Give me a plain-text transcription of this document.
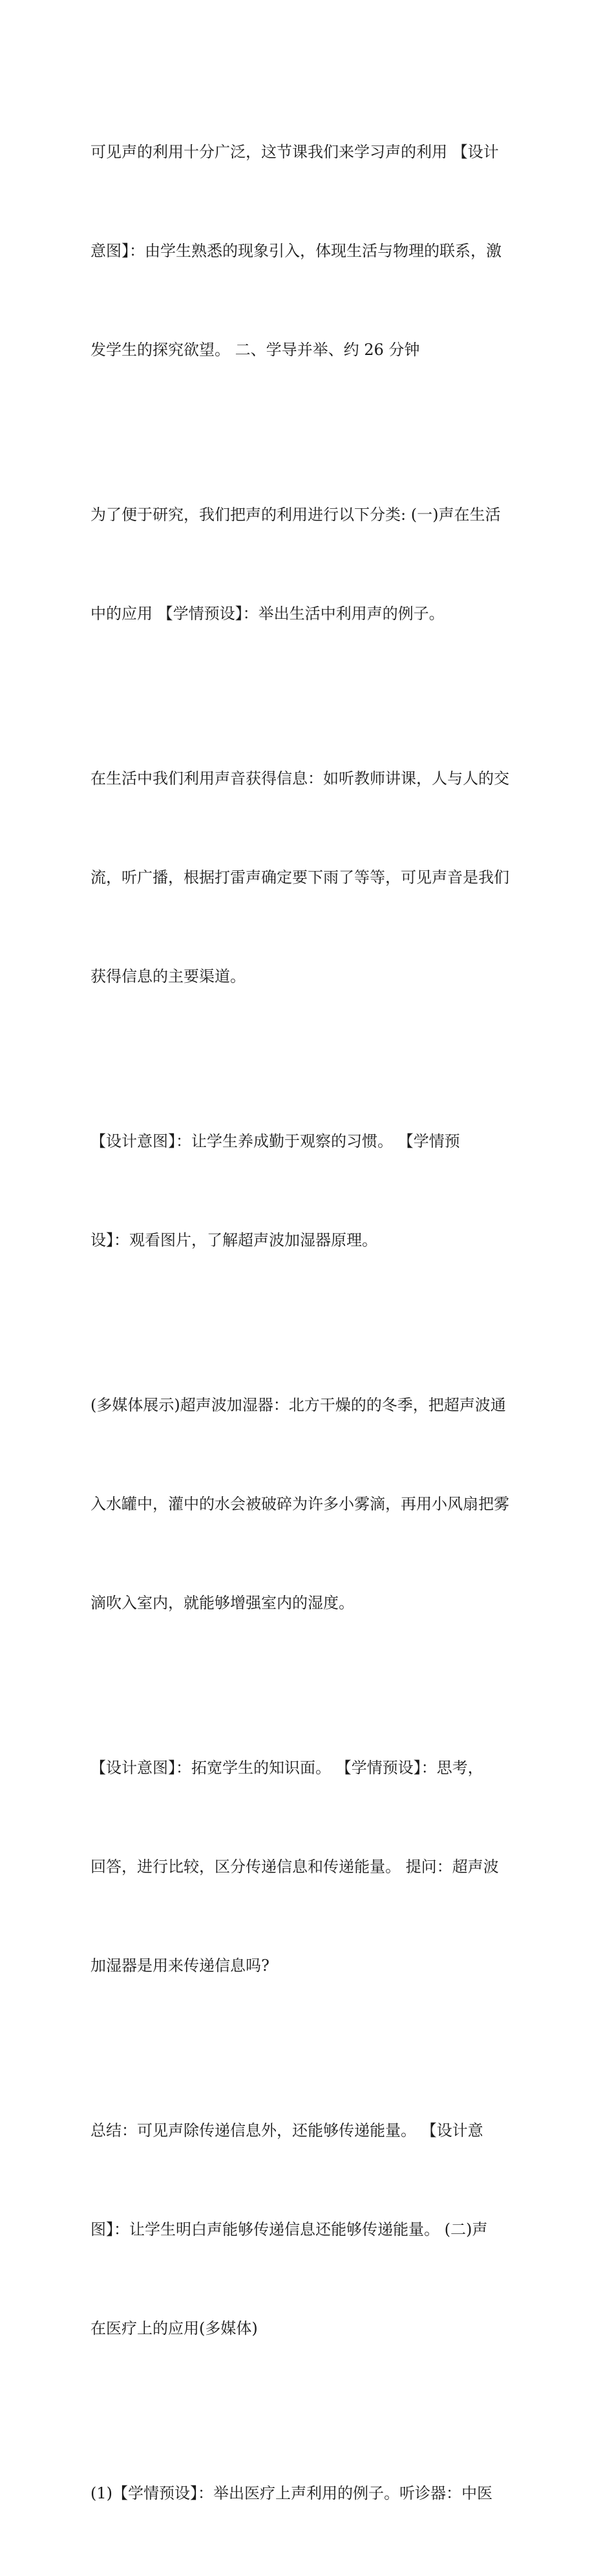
可见声的利用十分广泛，这节课我们来学习声的利用 【设计

意图】：由学生熟悉的现象引入，体现生活与物理的联系，激

发学生的探究欲望。 二、学导并举、约 26 分钟

为了便于研究，我们把声的利用进行以下分类: (一)声在生活

中的应用 【学情预设】：举出生活中利用声的例子。

在生活中我们利用声音获得信息：如听教师讲课，人与人的交

流，听广播，根据打雷声确定要下雨了等等，可见声音是我们

获得信息的主要渠道。

【设计意图】：让学生养成勤于观察的习惯。 【学情预

设】：观看图片，了解超声波加湿器原理。

(多媒体展示)超声波加湿器：北方干燥的的冬季，把超声波通

入水罐中，灌中的水会被破碎为许多小雾滴，再用小风扇把雾

滴吹入室内，就能够增强室内的湿度。

【设计意图】：拓宽学生的知识面。 【学情预设】：思考，

回答，进行比较，区分传递信息和传递能量。 提问：超声波

加湿器是用来传递信息吗?

总结：可见声除传递信息外，还能够传递能量。 【设计意

图】：让学生明白声能够传递信息还能够传递能量。 (二)声

在医疗上的应用(多媒体)

(1)【学情预设】：举出医疗上声利用的例子。听诊器：中医
